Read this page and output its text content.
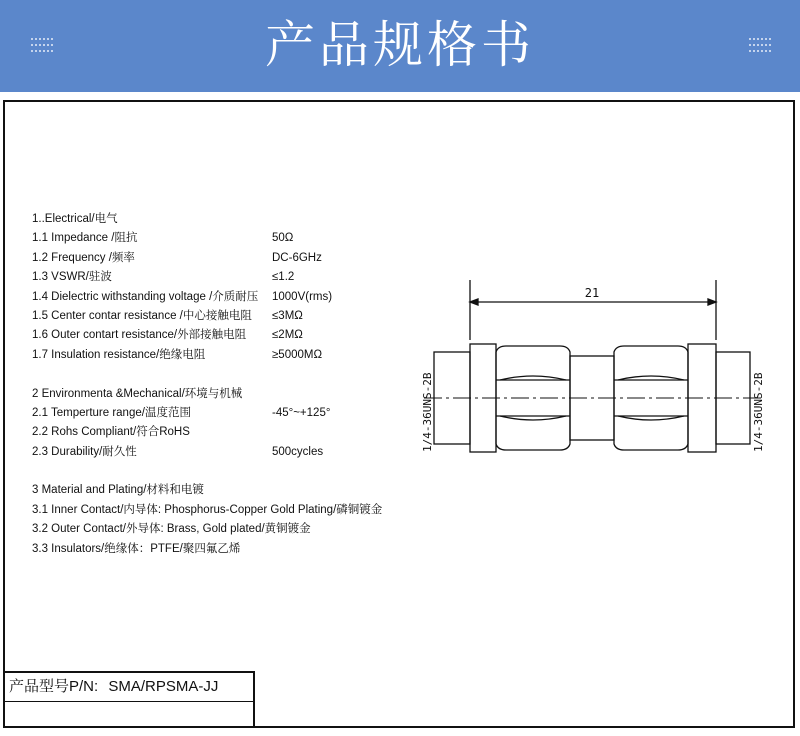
产品规格书
1..Electrical/电气
1.1 Impedance /阻抗	50Ω
1.2 Frequency /频率	DC-6GHz
1.3 VSWR/驻波	≤1.2
1.4 Dielectric withstanding voltage /介质耐压 1000V(rms)
1.5 Center contar resistance /中心接触电阻 ≤3MΩ
1.6 Outer contart resistance/外部接触电阻 ≤2MΩ
1.7 Insulation resistance/绝缘电阻	≥5000MΩ
2 Environmenta &Mechanical/环境与机械
2.1 Temperture range/温度范围	-45°~+125°
2.2 Rohs Compliant/符合RoHS
2.3 Durability/耐久性	500cycles
3 Material and Plating/材料和电镀
3.1 Inner Contact/内导体: Phosphorus-Copper Gold Plating/磷铜镀金
3.2 Outer Contact/外导体: Brass, Gold plated/黄铜镀金
3.3 Insulators/绝缘体：PTFE/聚四氟乙烯
21
1/4-36UNS-2B	1/4-36UNS-2B
产品型号P/N: SMA/RPSMA-JJ
